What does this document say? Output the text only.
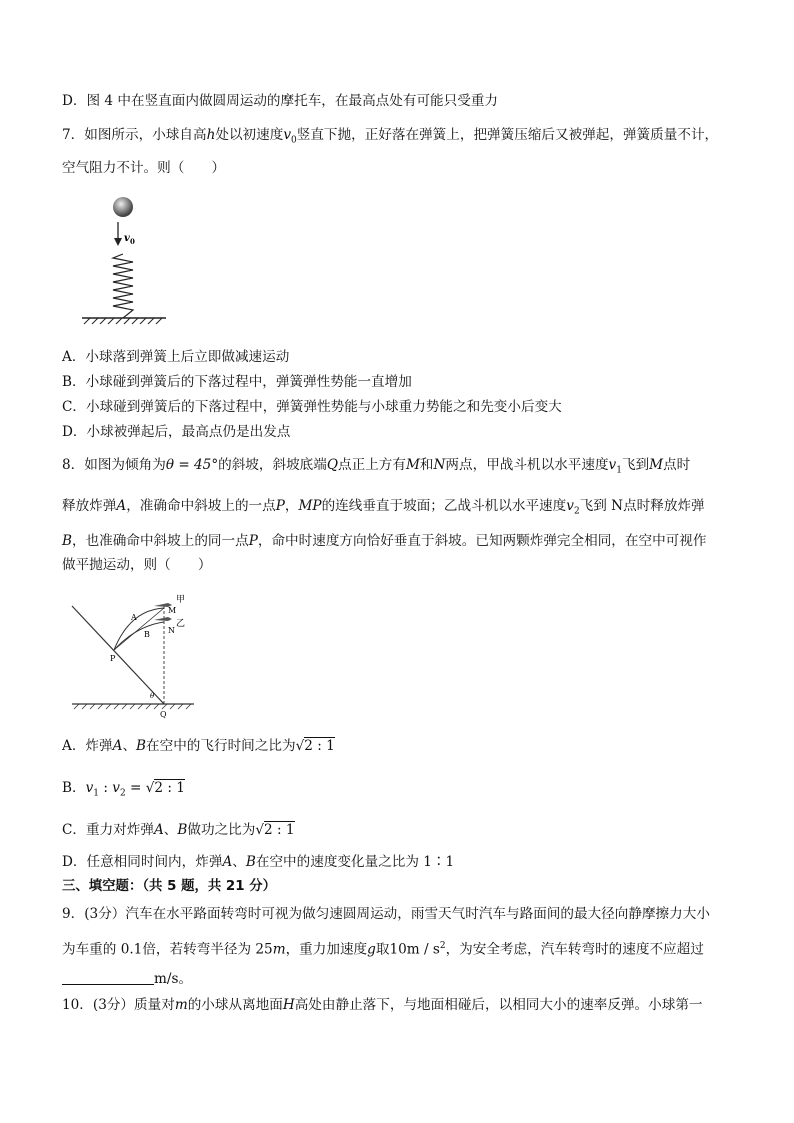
D．图 4 中在竖直面内做圆周运动的摩托车，在最高点处有可能只受重力
7．如图所示，小球自高h处以初速度$v_0$竖直下抛，正好落在弹簧上，把弹簧压缩后又被弹起，弹簧质量不计，
空气阻力不计。则（　　）
v 0
A．小球落到弹簧上后立即做减速运动
B．小球碰到弹簧后的下落过程中，弹簧弹性势能一直增加
C．小球碰到弹簧后的下落过程中，弹簧弹性势能与小球重力势能之和先变小后变大
D．小球被弹起后，最高点仍是出发点
8．如图为倾角为θ = 45°的斜坡，斜坡底端Q点正上方有M和N两点，甲战斗机以水平速度$v_1$飞到M点时
释放炸弹A，准确命中斜坡上的一点P，MP的连线垂直于坡面；乙战斗机以水平速度$v_2$飞到 N点时释放炸弹
B，也准确命中斜坡上的同一点P，命中时速度方向恰好垂直于斜坡。已知两颗炸弹完全相同，在空中可视作
做平抛运动，则（　　）
甲
乙
M
N
A
B
P
Q
θ
A．炸弹A、B在空中的飞行时间之比为√2 : 1
B．$v_1$ : $v_2 = √2$ : 1
C．重力对炸弹A、B做功之比为√2 : 1
D．任意相同时间内，炸弹A、B在空中的速度变化量之比为 1∶1
三、填空题：（共 5 题，共 21 分）
9．(3分）汽车在水平路面转弯时可视为做匀速圆周运动，雨雪天气时汽车与路面间的最大径向静摩擦力大小
为车重的 0.1倍，若转弯半径为 25m，重力加速度g取$10m / s^2$，为安全考虑，汽车转弯时的速度不应超过
m/s。
10．(3分）质量对m的小球从离地面H高处由静止落下，与地面相碰后，以相同大小的速率反弹。小球第一
